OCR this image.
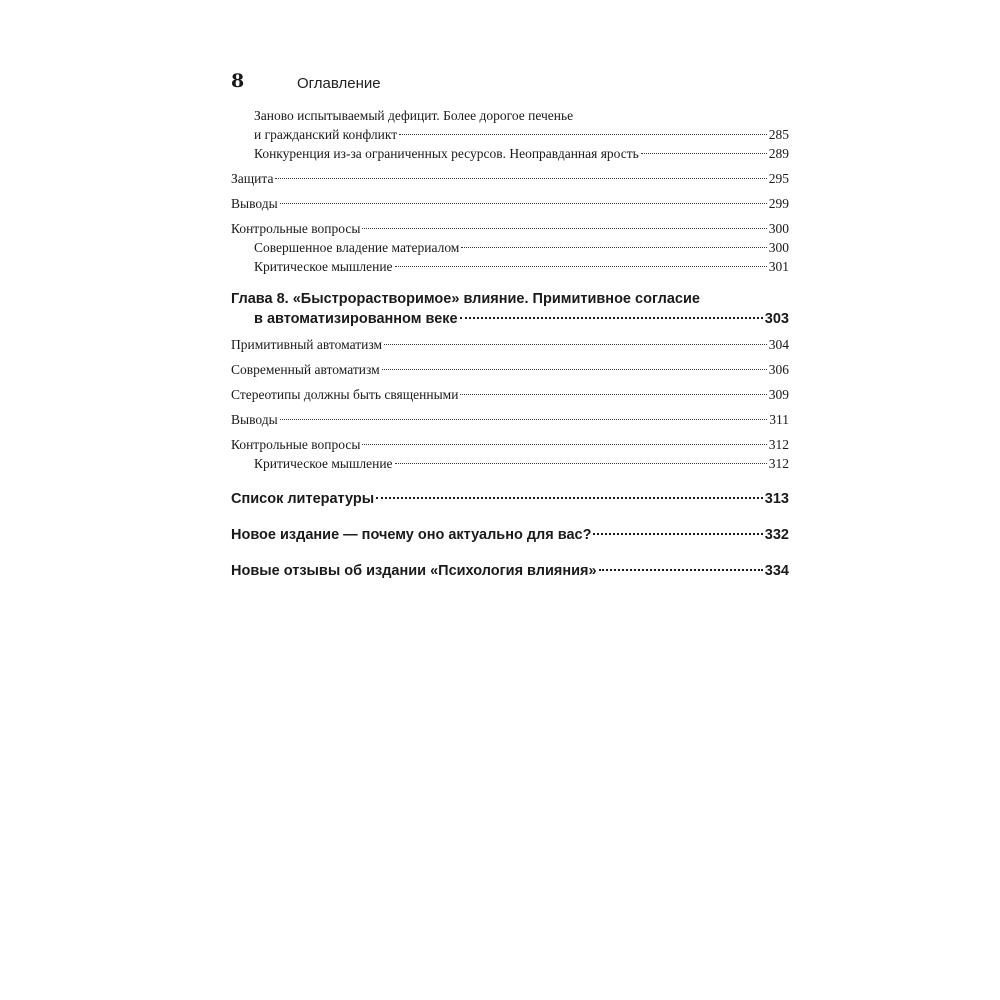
8	Оглавление
Заново испытываемый дефицит. Более дорогое печенье
и гражданский конфликт	285
Конкуренция из-за ограниченных ресурсов. Неоправданная ярость	289
Защита	295
Выводы	299
Контрольные вопросы	300
Совершенное владение материалом	300
Критическое мышление	301
Глава 8. «Быстрорастворимое» влияние. Примитивное согласие
в автоматизированном веке	303
Примитивный автоматизм	304
Современный автоматизм	306
Стереотипы должны быть священными	309
Выводы	311
Контрольные вопросы	312
Критическое мышление	312
Список литературы	313
Новое издание — почему оно актуально для вас?	332
Новые отзывы об издании «Психология влияния»	334
